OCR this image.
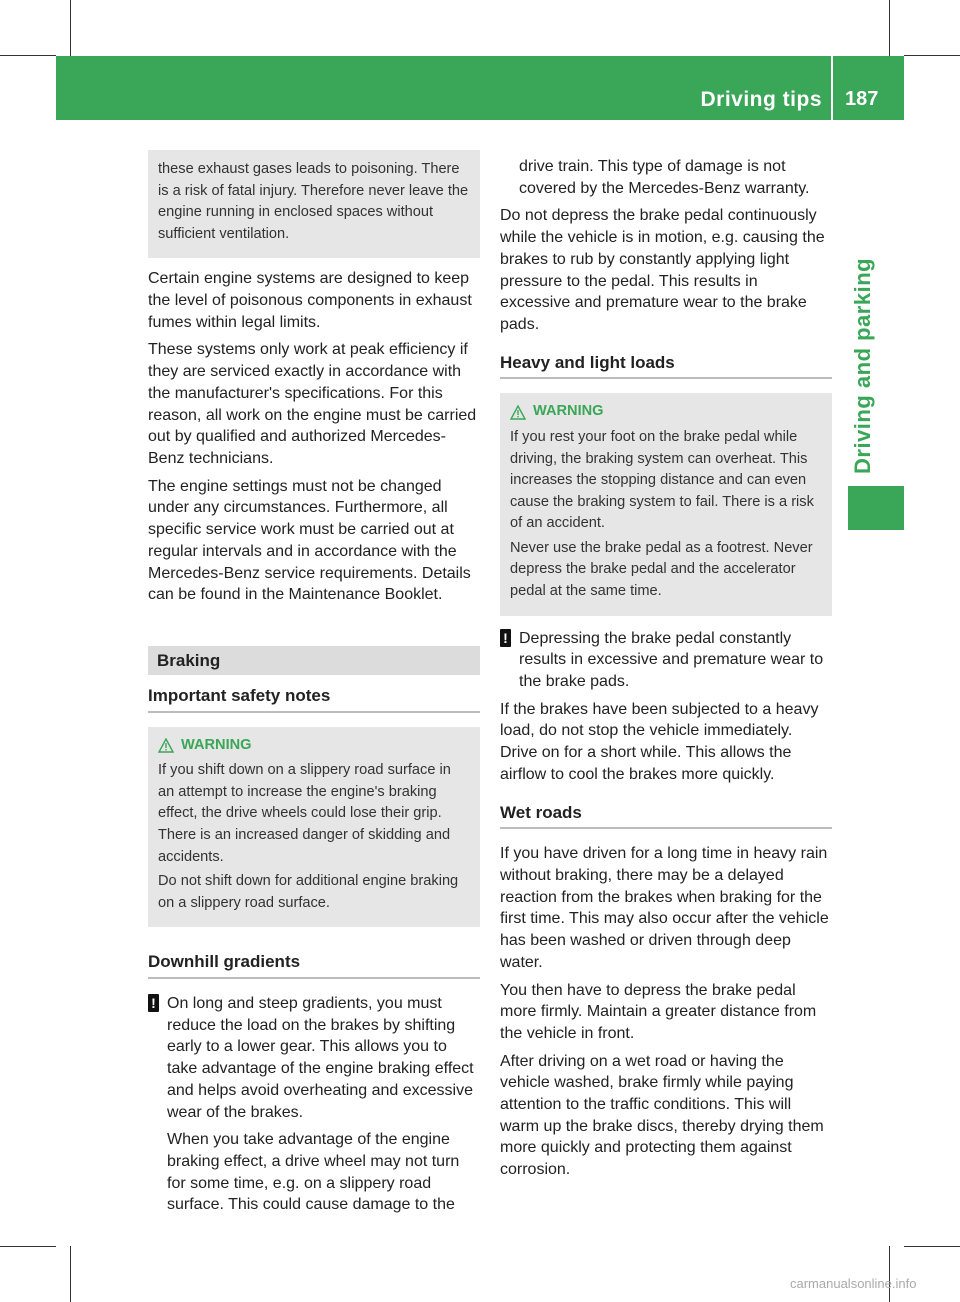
Driving tips 187
Driving and parking

these exhaust gases leads to poisoning. There is a risk of fatal injury. Therefore never leave the engine running in enclosed spaces without sufficient ventilation.

Certain engine systems are designed to keep the level of poisonous components in exhaust fumes within legal limits.

These systems only work at peak efficiency if they are serviced exactly in accordance with the manufacturer's specifications. For this reason, all work on the engine must be carried out by qualified and authorized Mercedes-Benz technicians.

The engine settings must not be changed under any circumstances. Furthermore, all specific service work must be carried out at regular intervals and in accordance with the Mercedes-Benz service requirements. Details can be found in the Maintenance Booklet.

Braking
Important safety notes
WARNING

If you shift down on a slippery road surface in an attempt to increase the engine's braking effect, the drive wheels could lose their grip. There is an increased danger of skidding and accidents.

Do not shift down for additional engine braking on a slippery road surface.

Downhill gradients
! On long and steep gradients, you must reduce the load on the brakes by shifting early to a lower gear. This allows you to take advantage of the engine braking effect and helps avoid overheating and excessive wear of the brakes.

When you take advantage of the engine braking effect, a drive wheel may not turn for some time, e.g. on a slippery road surface. This could cause damage to the

drive train. This type of damage is not covered by the Mercedes-Benz warranty.

Do not depress the brake pedal continuously while the vehicle is in motion, e.g. causing the brakes to rub by constantly applying light pressure to the pedal. This results in excessive and premature wear to the brake pads.

Heavy and light loads
WARNING

If you rest your foot on the brake pedal while driving, the braking system can overheat. This increases the stopping distance and can even cause the braking system to fail. There is a risk of an accident.

Never use the brake pedal as a footrest. Never depress the brake pedal and the accelerator pedal at the same time.

! Depressing the brake pedal constantly results in excessive and premature wear to the brake pads.

If the brakes have been subjected to a heavy load, do not stop the vehicle immediately. Drive on for a short while. This allows the airflow to cool the brakes more quickly.

Wet roads

If you have driven for a long time in heavy rain without braking, there may be a delayed reaction from the brakes when braking for the first time. This may also occur after the vehicle has been washed or driven through deep water.

You then have to depress the brake pedal more firmly. Maintain a greater distance from the vehicle in front.

After driving on a wet road or having the vehicle washed, brake firmly while paying attention to the traffic conditions. This will warm up the brake discs, thereby drying them more quickly and protecting them against corrosion.

carmanualsonline.info
